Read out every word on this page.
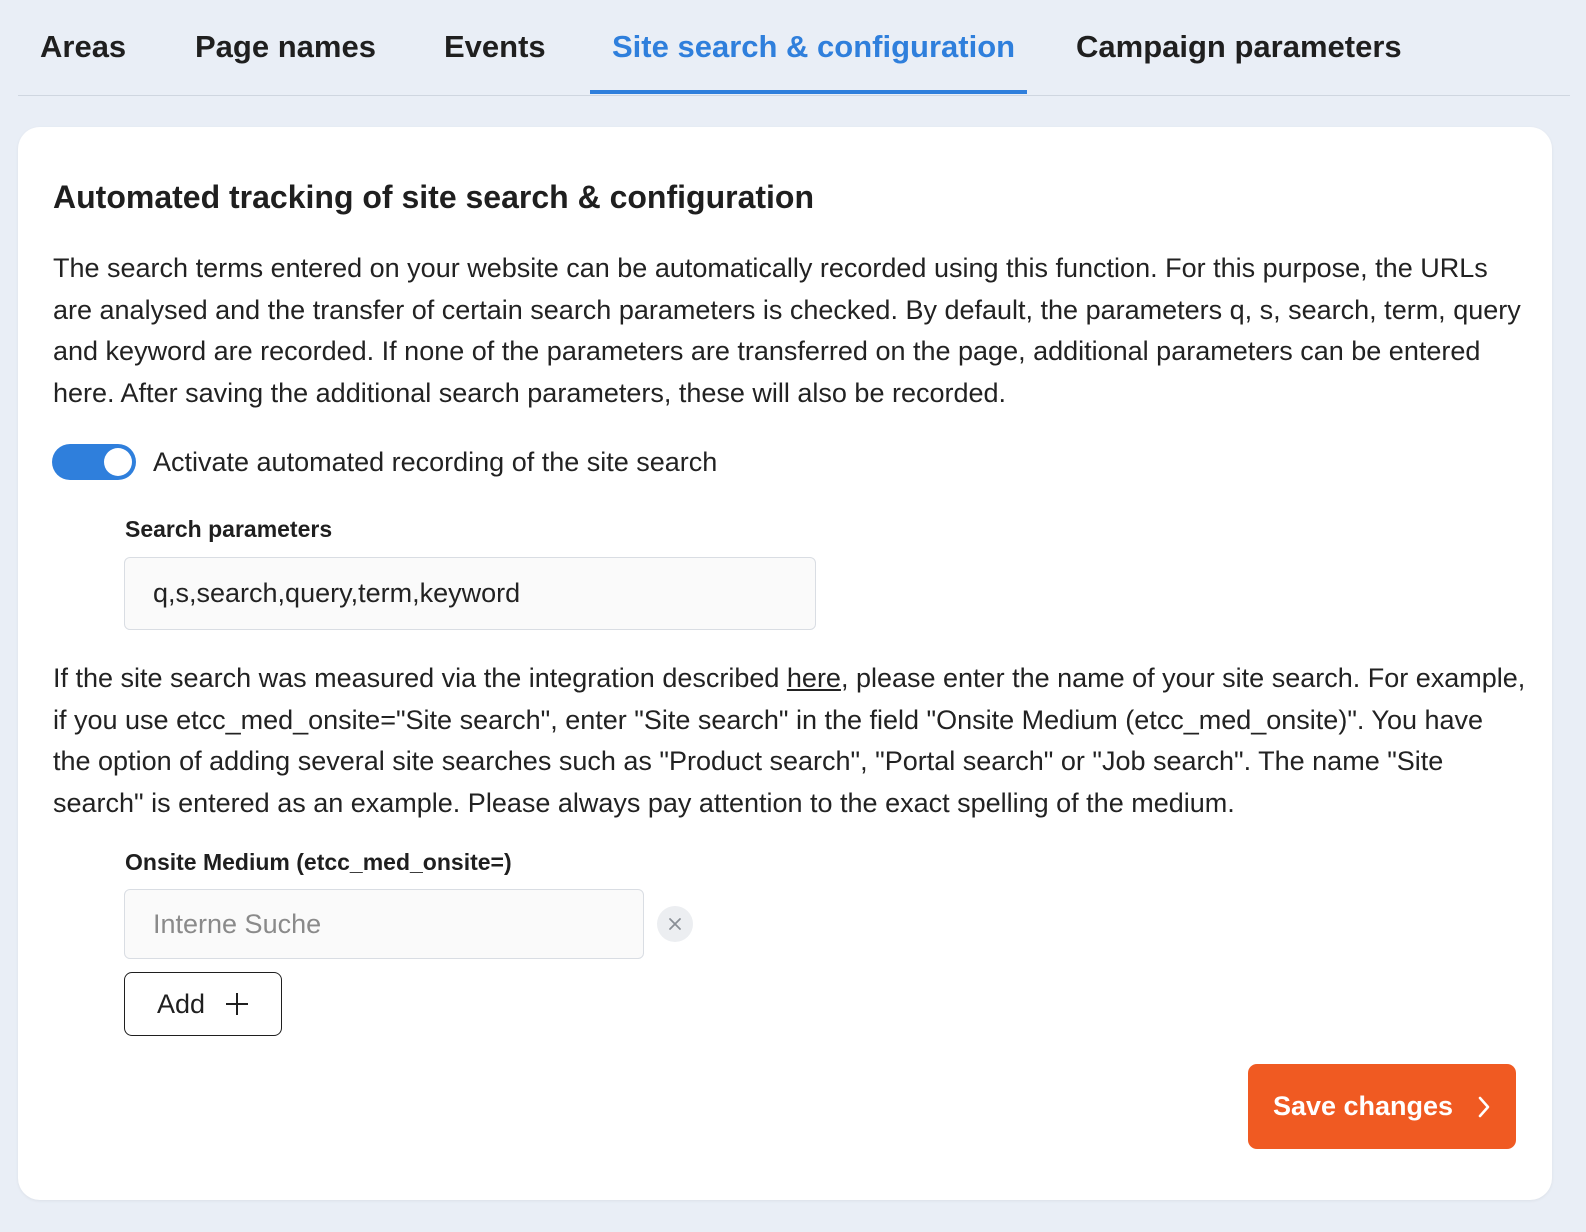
Areas Page names Events Site search & configuration Campaign parameters
Automated tracking of site search & configuration
The search terms entered on your website can be automatically recorded using this function. For this purpose, the URLs are analysed and the transfer of certain search parameters is checked. By default, the parameters q, s, search, term, query and keyword are recorded. If none of the parameters are transferred on the page, additional parameters can be entered here. After saving the additional search parameters, these will also be recorded.
Activate automated recording of the site search
Search parameters
q,s,search,query,term,keyword
If the site search was measured via the integration described here, please enter the name of your site search. For example, if you use etcc_med_onsite="Site search", enter "Site search" in the field "Onsite Medium (etcc_med_onsite)". You have the option of adding several site searches such as "Product search", "Portal search" or "Job search". The name "Site search" is entered as an example. Please always pay attention to the exact spelling of the medium.
Onsite Medium (etcc_med_onsite=)
Interne Suche
Add
Save changes
